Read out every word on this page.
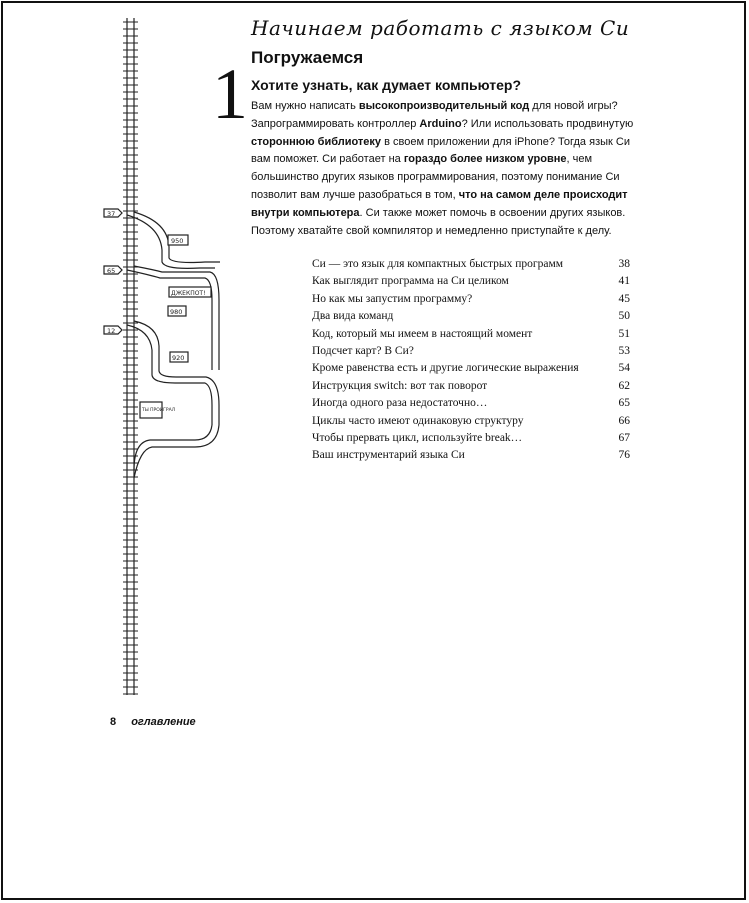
37
65
12
950
ДЖЕКПОТ!
980
920
ТЫ ПРОИГРАЛ
Начинаем работать с языком Си
Погружаемся
1 Хотите узнать, как думает компьютер?
Вам нужно написать высокопроизводительный код для новой игры? Запрограммировать контроллер Arduino? Или использовать продвинутую стороннюю библиотеку в своем приложении для iPhone? Тогда язык Си вам поможет. Си работает на гораздо более низком уровне, чем большинство других языков программирования, поэтому понимание Си позволит вам лучше разобраться в том, что на самом деле происходит внутри компьютера. Си также может помочь в освоении других языков. Поэтому хватайте свой компилятор и немедленно приступайте к делу.
Си — это язык для компактных быстрых программ	38
Как выглядит программа на Си целиком	41
Но как мы запустим программу?	45
Два вида команд	50
Код, который мы имеем в настоящий момент	51
Подсчет карт? В Си?	53
Кроме равенства есть и другие логические выражения	54
Инструкция switch: вот так поворот	62
Иногда одного раза недостаточно…	65
Циклы часто имеют одинаковую структуру	66
Чтобы прервать цикл, используйте break…	67
Ваш инструментарий языка Си	76
8 оглавление
